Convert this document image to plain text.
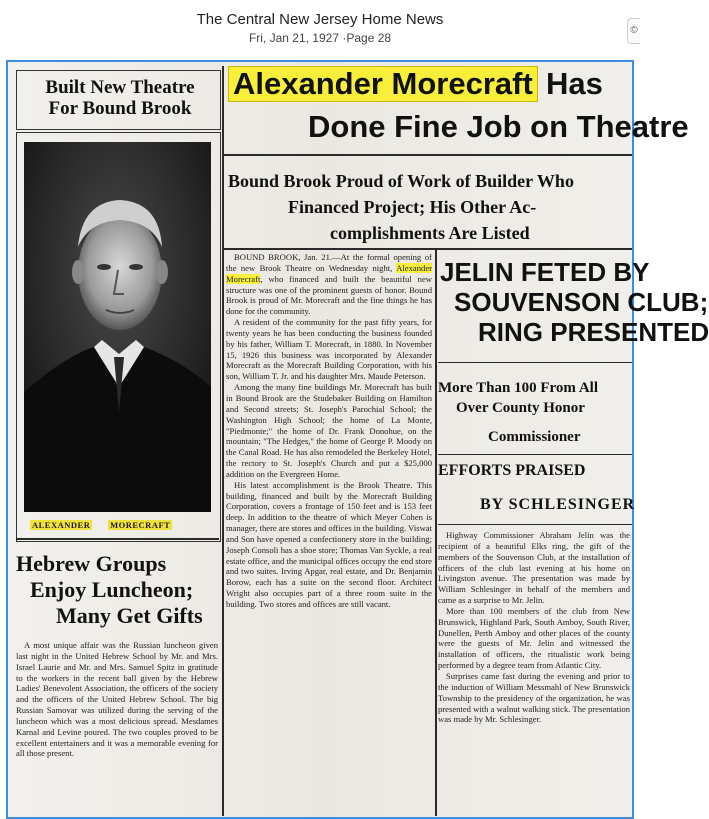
The Central New Jersey Home News
Fri, Jan 21, 1927 ·Page 28
©
Built New Theatre
For Bound Brook
ALEXANDER MORECRAFT
Hebrew Groups
Enjoy Luncheon;
Many Get Gifts

A most unique affair was the Russian luncheon given last night in the United Hebrew School by Mr. and Mrs. Israel Laurie and Mr. and Mrs. Samuel Spitz in gratitude to the workers in the recent ball given by the Hebrew Ladies' Benevolent Association, the officers of the society and the officers of the United Hebrew School. The big Russian Samovar was utilized during the serving of the luncheon which was a most delicious spread. Mesdames Karnal and Levine poured. The two couples proved to be excellent entertainers and it was a memorable evening for all those present.

Alexander Morecraft Has
Done Fine Job on Theatre
Bound Brook Proud of Work of Builder Who
Financed Project; His Other Ac-
complishments Are Listed

BOUND BROOK, Jan. 21.—At the formal opening of the new Brook Theatre on Wednesday night, Alexander Morecraft, who financed and built the beautiful new structure was one of the prominent guests of honor. Bound Brook is proud of Mr. Morecraft and the fine things he has done for the community.

A resident of the community for the past fifty years, for twenty years he has been conducting the business founded by his father, William T. Morecraft, in 1880. In November 15, 1926 this business was incorporated by Alexander Morecraft as the Morecraft Building Corporation, with his son, William T. Jr. and his daughter Mrs. Maude Peterson.

Among the many fine buildings Mr. Morecraft has built in Bound Brook are the Studebaker Building on Hamilton and Second streets; St. Joseph's Parochial School; the Washington High School; the home of La Monte, "Piedmonte;" the home of Dr. Frank Donohue, on the mountain; "The Hedges," the home of George P. Moody on the Canal Road. He has also remodeled the Berkeley Hotel, the rectory to St. Joseph's Church and put a $25,000 addition on the Evergreen Home.

His latest accomplishment is the Brook Theatre. This building, financed and built by the Morecraft Building Corporation, covers a frontage of 150 feet and is 153 feet deep. In addition to the theatre of which Meyer Cohen is manager, there are stores and offices in the building. Viswat and Son have opened a confectionery store in the building; Joseph Consoli has a shoe store; Thomas Van Syckle, a real estate office, and the municipal offices occupy the end store and two suites. Irving Apgar, real estate, and Dr. Benjamin Borow, each has a suite on the second floor. Architect Wright also occupies part of a three room suite in the building. Two stores and offices are still vacant.

JELIN FETED BY
SOUVENSON CLUB;
RING PRESENTED
More Than 100 From All
Over County Honor
Commissioner
EFFORTS PRAISED
BY SCHLESINGER

Highway Commissioner Abraham Jelin was the recipient of a beautiful Elks ring, the gift of the members of the Souvenson Club, at the installation of officers of the club last evening at his home on Livingston avenue. The presentation was made by William Schlesinger in behalf of the members and came as a surprise to Mr. Jelin.

More than 100 members of the club from New Brunswick, Highland Park, South Amboy, South River, Dunellen, Perth Amboy and other places of the county were the guests of Mr. Jelin and witnessed the installation of officers, the ritualistic work being performed by a degree team from Atlantic City.

Surprises came fast during the evening and prior to the induction of William Messmahl of New Brunswick Township to the presidency of the organization, he was presented with a walnut walking stick. The presentation was made by Mr. Schlesinger.
